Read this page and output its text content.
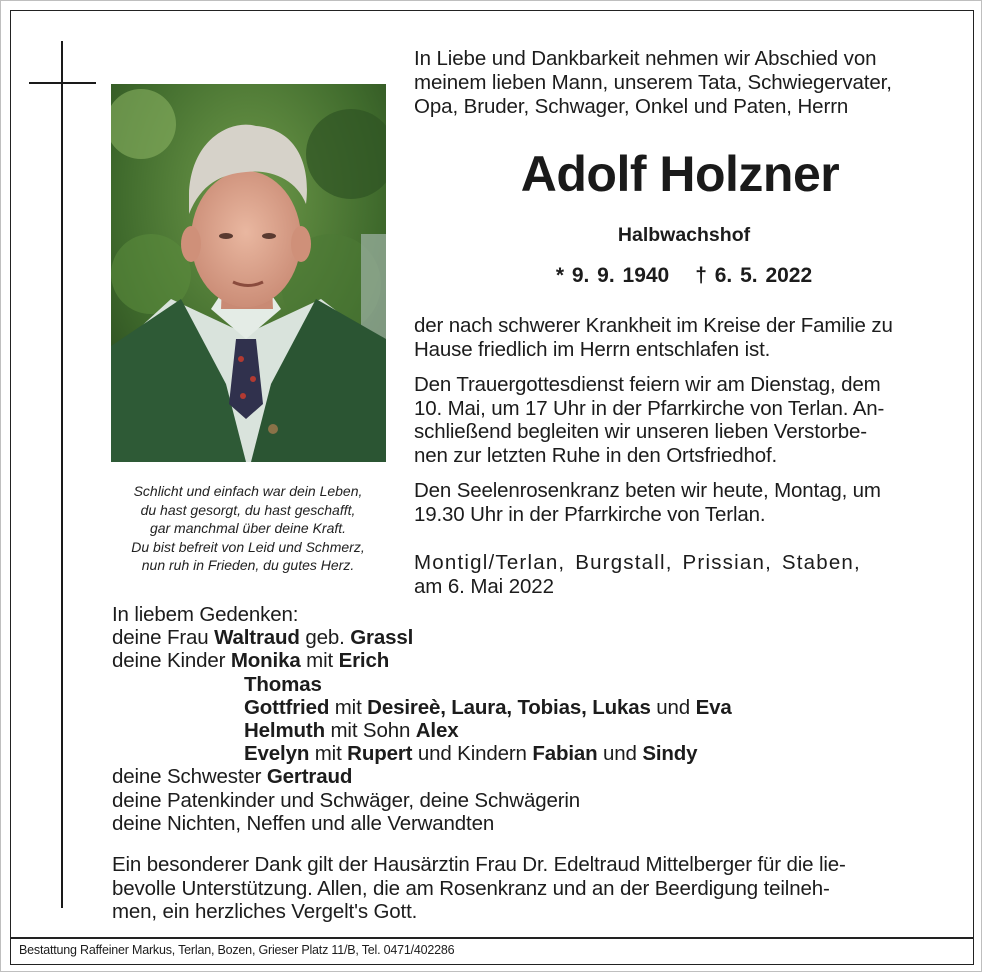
Schlicht und einfach war dein Leben,
du hast gesorgt, du hast geschafft,
gar manchmal über deine Kraft.
Du bist befreit von Leid und Schmerz,
nun ruh in Frieden, du gutes Herz.
In Liebe und Dankbarkeit nehmen wir Abschied von
meinem lieben Mann, unserem Tata, Schwiegervater,
Opa, Bruder, Schwager, Onkel und Paten, Herrn
Adolf Holzner
Halbwachshof
* 9. 9. 1940 † 6. 5. 2022
der nach schwerer Krankheit im Kreise der Familie zu
Hause friedlich im Herrn entschlafen ist.
Den Trauergottesdienst feiern wir am Dienstag, dem
10. Mai, um 17 Uhr in der Pfarrkirche von Terlan. An-
schließend begleiten wir unseren lieben Verstorbe-
nen zur letzten Ruhe in den Ortsfriedhof.
Den Seelenrosenkranz beten wir heute, Montag, um
19.30 Uhr in der Pfarrkirche von Terlan.
Montigl/Terlan, Burgstall, Prissian, Staben,
am 6. Mai 2022
In liebem Gedenken:
deine Frau Waltraud geb. Grassl
deine Kinder Monika mit Erich
Thomas
Gottfried mit Desireè, Laura, Tobias, Lukas und Eva
Helmuth mit Sohn Alex
Evelyn mit Rupert und Kindern Fabian und Sindy
deine Schwester Gertraud
deine Patenkinder und Schwäger, deine Schwägerin
deine Nichten, Neffen und alle Verwandten
Ein besonderer Dank gilt der Hausärztin Frau Dr. Edeltraud Mittelberger für die lie-
bevolle Unterstützung. Allen, die am Rosenkranz und an der Beerdigung teilneh-
men, ein herzliches Vergelt's Gott.
Bestattung Raffeiner Markus, Terlan, Bozen, Grieser Platz 11/B, Tel. 0471/402286
